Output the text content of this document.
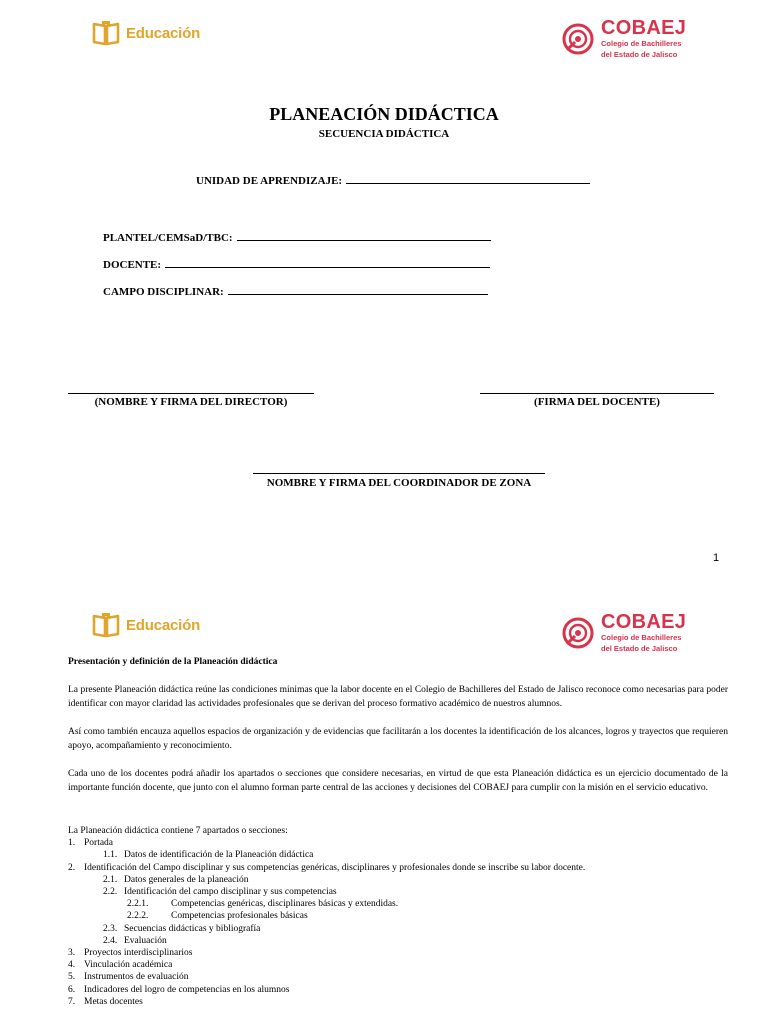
Educación	COBAEJ
Colegio de Bachilleres
del Estado de Jalisco
PLANEACIÓN DIDÁCTICA
SECUENCIA DIDÁCTICA
UNIDAD DE APRENDIZAJE:
PLANTEL/CEMSaD/TBC:
DOCENTE:
CAMPO DISCIPLINAR:
(NOMBRE Y FIRMA DEL DIRECTOR)	(FIRMA DEL DOCENTE)
NOMBRE Y FIRMA DEL COORDINADOR DE ZONA
1
Educación	COBAEJ
Colegio de Bachilleres
del Estado de Jalisco
Presentación y definición de la Planeación didáctica
La presente Planeación didáctica reúne las condiciones mínimas que la labor docente en el Colegio de Bachilleres del Estado de Jalisco reconoce como necesarias para poder identificar con mayor claridad las actividades profesionales que se derivan del proceso formativo académico de nuestros alumnos.
Así como también encauza aquellos espacios de organización y de evidencias que facilitarán a los docentes la identificación de los alcances, logros y trayectos que requieren apoyo, acompañamiento y reconocimiento.
Cada uno de los docentes podrá añadir los apartados o secciones que considere necesarias, en virtud de que esta Planeación didáctica es un ejercicio documentado de la importante función docente, que junto con el alumno forman parte central de las acciones y decisiones del COBAEJ para cumplir con la misión en el servicio educativo.
La Planeación didáctica contiene 7 apartados o secciones:
1. Portada
1.1. Datos de identificación de la Planeación didáctica
2. Identificación del Campo disciplinar y sus competencias genéricas, disciplinares y profesionales donde se inscribe su labor docente.
2.1. Datos generales de la planeación
2.2. Identificación del campo disciplinar y sus competencias
2.2.1. Competencias genéricas, disciplinares básicas y extendidas.
2.2.2. Competencias profesionales básicas
2.3. Secuencias didácticas y bibliografía
2.4. Evaluación
3. Proyectos interdisciplinarios
4. Vinculación académica
5. Instrumentos de evaluación
6. Indicadores del logro de competencias en los alumnos
7. Metas docentes
